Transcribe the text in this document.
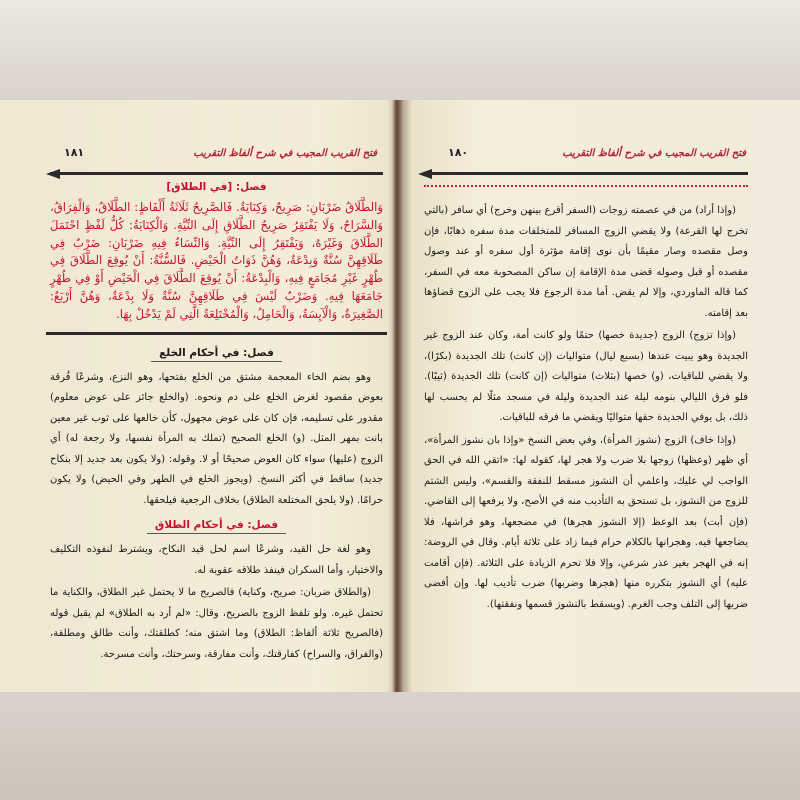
فتح القريب المجيب في شرح ألفاظ التقريب
١٨١
فصل: [في الطلاق]
وَالطَّلَاقُ ضَرْبَانِ: صَرِيحٌ، وَكِنَايَةٌ. فَالصَّرِيحُ ثَلَاثَةُ أَلْفَاظٍ: الطَّلَاقُ، وَالْفِرَاقُ، وَالسَّرَاحُ، وَلَا يَفْتَقِرُ صَرِيحُ الطَّلَاقِ إِلَى النِّيَّةِ. وَالْكِنَايَةُ: كُلُّ لَفْظٍ احْتَمَلَ الطَّلَاقَ وَغَيْرَهُ، وَيَفْتَقِرُ إِلَى النِّيَّةِ. وَالنِّسَاءُ فِيهِ ضَرْبَانِ: ضَرْبٌ فِي طَلَاقِهِنَّ سُنَّةٌ وَبِدْعَةٌ، وَهُنَّ ذَوَاتُ الْحَيْضِ. فَالسُّنَّةُ: أَنْ يُوقِعَ الطَّلَاقَ فِي طُهْرٍ غَيْرِ مُجَامَعٍ فِيهِ، وَالْبِدْعَةُ: أَنْ يُوقِعَ الطَّلَاقَ فِي الْحَيْضِ أَوْ فِي طُهْرٍ جَامَعَهَا فِيهِ. وَضَرْبٌ لَيْسَ فِي طَلَاقِهِنَّ سُنَّةٌ وَلَا بِدْعَةٌ، وَهُنَّ أَرْبَعٌ: الصَّغِيرَةُ، وَالْآيِسَةُ، وَالْحَامِلُ، وَالْمُخْتَلِعَةُ الَّتِي لَمْ يَدْخُلْ بِهَا.
فصل: في أحكام الخلع

وهو بضم الخاء المعجمة مشتق من الخلع بفتحها، وهو النزع، وشرعًا فُرقة بعوض مقصود لغرض الخلع على دم ونحوه. (والخلع جائز على عوض معلوم) مقدور على تسليمه، فإن كان على عوض مجهول، كأن خالعها على ثوب غير معين بانت بمهر المثل. (و) الخلع الصحيح (تملك به المرأة نفسها، ولا رجعة له) أي الزوج (عليها) سواء كان العوض صحيحًا أو لا. وقوله: (ولا يكون بعد جديد إلا بنكاح جديد) ساقط في أكثر النسخ. (ويجوز الخلع في الطهر وفي الحيض) ولا يكون حرامًا. (ولا يلحق المختلعة الطلاق) بخلاف الرجعية فيلحقها.

فصل: في أحكام الطلاق

وهو لغة حل القيد، وشرعًا اسم لحل قيد النكاح، ويشترط لنفوذه التكليف والاختيار، وأما السكران فينفذ طلاقه عقوبة له.

(والطلاق ضربان: صريح، وكناية) فالصريح ما لا يحتمل غير الطلاق، والكناية ما تحتمل غيره. ولو تلفظ الزوج بالصريح، وقال: «لم أرد به الطلاق» لم يقبل قوله (فالصريح ثلاثة ألفاظ: الطلاق) وما اشتق منه؛ كطلقتك، وأنت طالق ومطلقة، (والفراق، والسراح) كفارقتك، وأنت مفارقة، وسرحتك، وأنت مسرحة.

فتح القريب المجيب في شرح ألفاظ التقريب
١٨٠

(وإذا أراد) من في عصمته زوجات (السفر أقرع بينهن وخرج) أي سافر (بالتي تخرج لها القرعة) ولا يقضي الزوج المسافر للمتخلفات مدة سفره ذهابًا، فإن وصل مقصده وصار مقيمًا بأن نوى إقامة مؤثرة أول سفره أو عند وصول مقصده أو قبل وصوله قضى مدة الإقامة إن ساكن المصحوبة معه في السفر، كما قاله الماوردي، وإلا لم يقض. أما مدة الرجوع فلا يجب على الزوج قضاؤها بعد إقامته.

(وإذا تزوج) الزوج (جديدة خصها) حتمًا ولو كانت أمة، وكان عند الزوج غير الجديدة وهو يبيت عندها (بسبع ليال) متواليات (إن كانت) تلك الجديدة (بكرًا)، ولا يقضي للباقيات، (و) خصها (بثلاث) متواليات (إن كانت) تلك الجديدة (ثيبًا). فلو فرق الليالي بنومه ليلة عند الجديدة وليلة في مسجد مثلًا لم يحسب لها ذلك، بل يوفي الجديدة حقها متواليًا ويقضي ما فرقه للباقيات.

(وإذا خاف) الزوج (نشوز المرأة)، وفي بعض النسخ «وإذا بان نشوز المرأة»، أي ظهر (وعظها) زوجها بلا ضرب ولا هجر لها، كقوله لها: «اتقي الله في الحق الواجب لي عليك، واعلمي أن النشوز مسقط للنفقة والقسم»، وليس الشتم للزوج من النشوز، بل تستحق به التأديب منه في الأصح، ولا يرفعها إلى القاضي. (فإن أبت) بعد الوعظ (إلا النشوز هجرها) في مضجعها، وهو فراشها، فلا يضاجعها فيه. وهجرانها بالكلام حرام فيما زاد على ثلاثة أيام. وقال في الروضة: إنه في الهجر بغير عذر شرعي، وإلا فلا تحرم الزيادة على الثلاثة. (فإن أقامت عليه) أي النشوز بتكرره منها (هجرها وضربها) ضرب تأديب لها. وإن أفضى ضربها إلى التلف وجب الغرم. (ويسقط بالنشوز قسمها ونفقتها).
